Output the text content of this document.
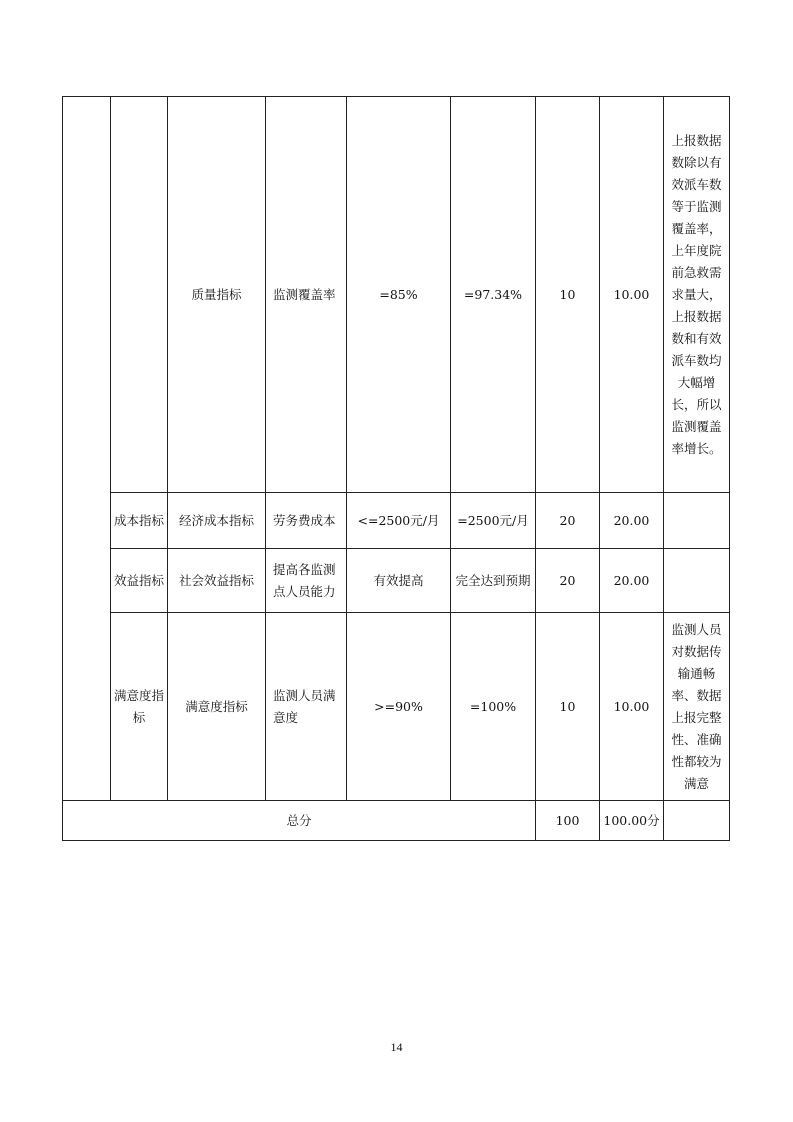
		质量指标	监测覆盖率	=85%	=97.34%	10	10.00	上报数据数除以有效派车数等于监测覆盖率，上年度院前急救需求量大，上报数据数和有效派车数均大幅增长，所以监测覆盖率增长。
	成本指标	经济成本指标	劳务费成本	<=2500元/月	=2500元/月	20	20.00	
	效益指标	社会效益指标	提高各监测点人员能力	有效提高	完全达到预期	20	20.00	
	满意度指标	满意度指标	监测人员满意度	>=90%	=100%	10	10.00	监测人员对数据传输通畅率、数据上报完整性、准确性都较为满意
总分						100	100.00分	
14
